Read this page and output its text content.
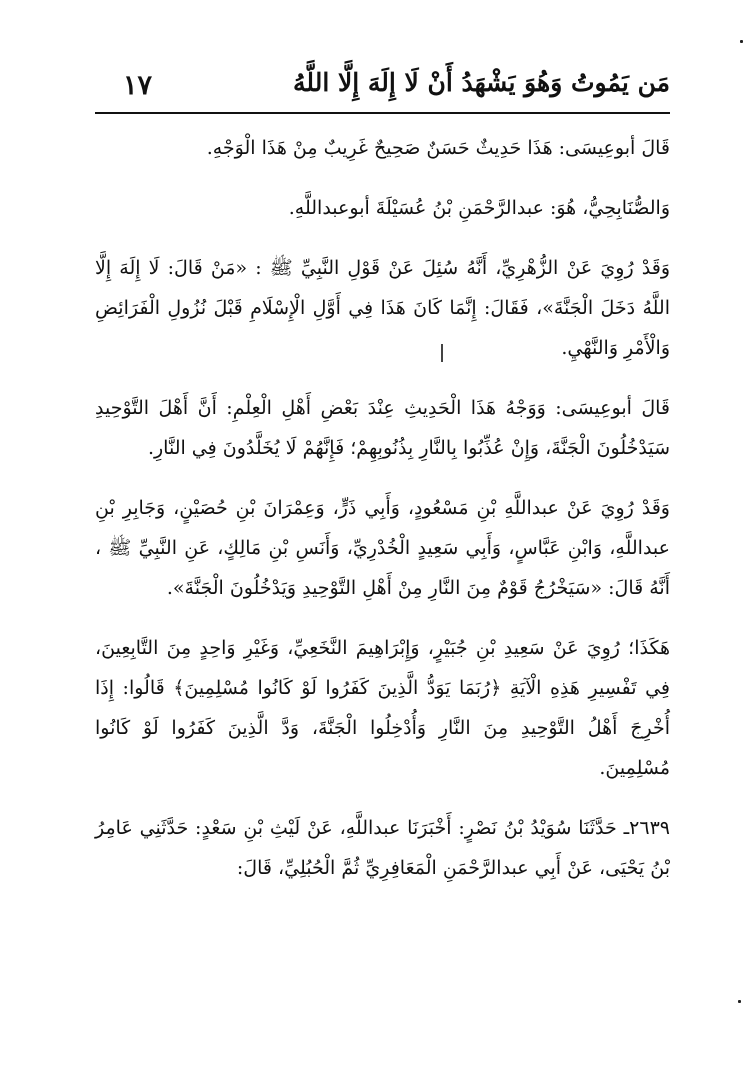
١٧	مَن يَمُوتُ وَهُوَ يَشْهَدُ أَنْ لَا إِلَهَ إِلَّا اللَّهُ

قَالَ أبوعِيسَى: هَذَا حَدِيثٌ حَسَنٌ صَحِيحٌ غَرِيبٌ مِنْ هَذَا الْوَجْهِ.

وَالصُّنَابِحِيُّ، هُوَ: عبدالرَّحْمَنِ بْنُ عُسَيْلَةَ أبوعبداللَّهِ.

وَقَدْ رُوِيَ عَنْ الزُّهْرِيِّ، أَنَّهُ سُئِلَ عَنْ قَوْلِ النَّبِيِّ ﷺ : «مَنْ قَالَ: لَا إِلَهَ إِلَّا اللَّهُ دَخَلَ الْجَنَّةَ»، فَقَالَ: إِنَّمَا كَانَ هَذَا فِي أَوَّلِ الْإِسْلَامِ قَبْلَ نُزُولِ الْفَرَائِضِ وَالْأَمْرِ وَالنَّهْيِ.

قَالَ أبوعِيسَى: وَوَجْهُ هَذَا الْحَدِيثِ عِنْدَ بَعْضِ أَهْلِ الْعِلْمِ: أَنَّ أَهْلَ التَّوْحِيدِ سَيَدْخُلُونَ الْجَنَّةَ، وَإِنْ عُذِّبُوا بِالنَّارِ بِذُنُوبِهِمْ؛ فَإِنَّهُمْ لَا يُخَلَّدُونَ فِي النَّارِ.

وَقَدْ رُوِيَ عَنْ عبداللَّهِ بْنِ مَسْعُودٍ، وَأَبِي ذَرٍّ، وَعِمْرَانَ بْنِ حُصَيْنٍ، وَجَابِرِ بْنِ عبداللَّهِ، وَابْنِ عَبَّاسٍ، وَأَبِي سَعِيدٍ الْخُدْرِيِّ، وَأَنَسِ بْنِ مَالِكٍ، عَنِ النَّبِيِّ ﷺ ، أَنَّهُ قَالَ: «سَيَخْرُجُ قَوْمٌ مِنَ النَّارِ مِنْ أَهْلِ التَّوْحِيدِ وَيَدْخُلُونَ الْجَنَّةَ».

هَكَذَا؛ رُوِيَ عَنْ سَعِيدِ بْنِ جُبَيْرٍ، وَإِبْرَاهِيمَ النَّخَعِيِّ، وَغَيْرِ وَاحِدٍ مِنَ التَّابِعِينَ، فِي تَفْسِيرِ هَذِهِ الْآيَةِ ﴿رُبَمَا يَوَدُّ الَّذِينَ كَفَرُوا لَوْ كَانُوا مُسْلِمِينَ﴾ قَالُوا: إِذَا أُخْرِجَ أَهْلُ التَّوْحِيدِ مِنَ النَّارِ وَأُدْخِلُوا الْجَنَّةَ، وَدَّ الَّذِينَ كَفَرُوا لَوْ كَانُوا مُسْلِمِينَ.

٢٦٣٩ـ حَدَّثَنَا سُوَيْدُ بْنُ نَصْرٍ: أَخْبَرَنَا عبداللَّهِ، عَنْ لَيْثِ بْنِ سَعْدٍ: حَدَّثَنِي عَامِرُ بْنُ يَحْيَى، عَنْ أَبِي عبدالرَّحْمَنِ الْمَعَافِرِيِّ ثُمَّ الْحُبُلِيِّ، قَالَ:
